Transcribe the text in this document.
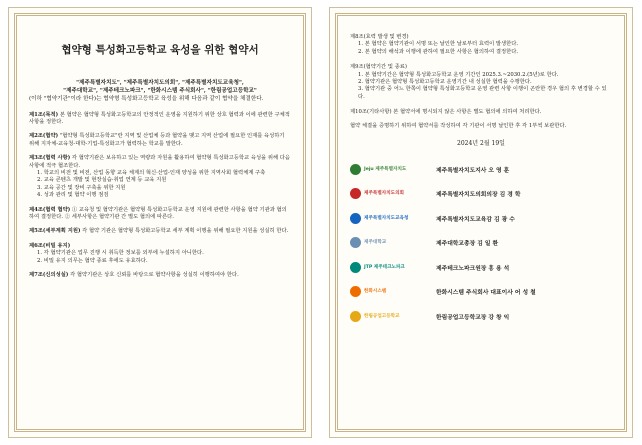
협약형 특성화고등학교 육성을 위한 협약서
"제주특별자치도", "제주특별자치도의회", "제주특별자치도교육청",
"제주대학교", "제주테크노파크", "한화시스템 주식회사", "한림공업고등학교"
(이하 "협약기관"이라 한다)는 협약형 특성화고등학교 육성을 위해 다음과 같이 협약을 체결한다.
제1조(목적) 본 협약은 협약형 특성화고등학교의 안정적인 운영을 지원하기 위한 상호 협력과 이에 관련한 구체적 사항을 정한다.
제2조(협약) "협약형 특성화고등학교"란 지역 및 산업체 등과 협약을 맺고 지역 산업에 필요한 인재를 육성하기 위해 지자체-교육청-대학-기업-특성화고가 협력하는 학교를 말한다.
제3조(협력 사항) 각 협약기관은 보유하고 있는 역량과 자원을 활용하여 협약형 특성화고등학교 육성을 위해 다음 사항에 적극 협조한다.
1. 학교의 비전 및 비전, 산업 동향 교육 체계의 혁신·산업-인재 양성을 위한 지역사회 협력체계 구축
2. 교육 콘텐츠 개발 및 현장실습·취업 연계 등 교육 지원
3. 교육 공간 및 장비 구축을 위한 지원
4. 성과 관리 및 협약 이행 점검
제4조(협력 협약) ① 교육청 및 협약기관은 협약형 특성화고등학교 운영 지원에 관련한 사항을 협약 기관과 협의하여 결정한다. ② 세부사항은 협약기관 간 별도 협의에 따른다.
제5조(세부계획 지원) 각 협약 기관은 협약형 특성화고등학교 세부 계획 이행을 위해 필요한 지원을 성실히 한다.
제6조(비밀 유지)
1. 각 협약기관은 업무 진행 시 취득한 정보를 외부에 누설하지 아니한다.
2. 비밀 유지 의무는 협약 종료 후에도 유효하다.
제7조(신의성실) 각 협약기관은 상호 신뢰를 바탕으로 협약사항을 성실히 이행하여야 한다.
제8조(효력 발생 및 변경)
1. 본 협약은 협약기관이 서명 또는 날인한 날로부터 효력이 발생한다.
2. 본 협약의 해석과 이행에 관하여 필요한 사항은 협의하여 결정한다.
제9조(협약기간 및 종료)
1. 본 협약기간은 협약형 특성화고등학교 운영 기간인 2025.3.~2030.2.(5년)로 한다.
2. 협약기관은 협약형 특성화고등학교 운영기간 내 성실한 협력을 수행한다.
3. 협약기관 중 어느 한쪽이 협약형 특성화고등학교 운영 관련 사항 이행이 곤란한 경우 협의 후 변경할 수 있다.
제10조(기타사항) 본 협약서에 명시되지 않은 사항은 별도 협의에 의하여 처리한다.
협약 체결을 증명하기 위하여 협약서를 작성하여 각 기관이 서명 날인한 후 각 1부씩 보관한다.
2024년 2월 19일
Jeju 제주특별자치도	제주특별자치도지사 오 영 훈

제주특별자치도의회	제주특별자치도의회의장 김 경 학

제주특별자치도교육청	제주특별자치도교육감 김 광 수

제주대학교	제주대학교총장 김 일 환

JTP 제주테크노파크	제주테크노파크원장 홍 용 석

한화시스템	한화시스템 주식회사 대표이사 어 성 철

한림공업고등학교	한림공업고등학교장 강 창 익
